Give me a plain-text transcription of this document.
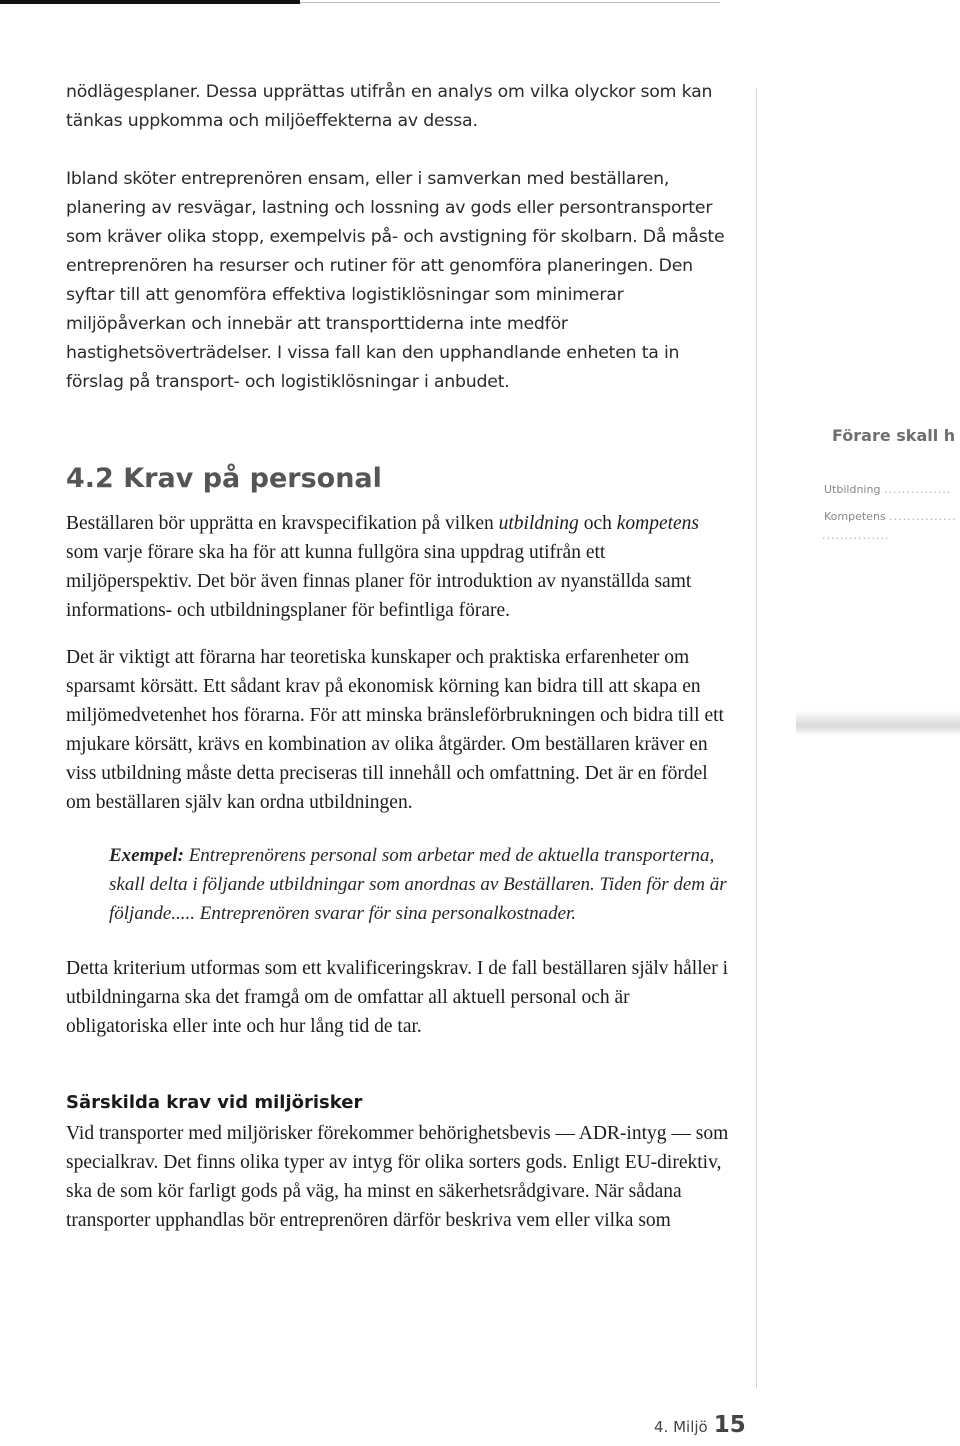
nödlägesplaner. Dessa upprättas utifrån en analys om vilka olyckor som kan tänkas uppkomma och miljöeffekterna av dessa.

Ibland sköter entreprenören ensam, eller i samverkan med beställaren, planering av resvägar, lastning och lossning av gods eller persontransporter som kräver olika stopp, exempelvis på- och avstigning för skolbarn. Då måste entreprenören ha resurser och rutiner för att genomföra planeringen. Den syftar till att genomföra effektiva logistiklösningar som minimerar miljöpåverkan och innebär att transporttiderna inte medför hastighetsöverträdelser. I vissa fall kan den upphandlande enheten ta in förslag på transport- och logistiklösningar i anbudet.

4.2 Krav på personal

Beställaren bör upprätta en kravspecifikation på vilken utbildning och kompetens som varje förare ska ha för att kunna fullgöra sina uppdrag utifrån ett miljöperspektiv. Det bör även finnas planer för introduktion av nyanställda samt informations- och utbildningsplaner för befintliga förare.

Det är viktigt att förarna har teoretiska kunskaper och praktiska erfarenheter om sparsamt körsätt. Ett sådant krav på ekonomisk körning kan bidra till att skapa en miljömedvetenhet hos förarna. För att minska bränsleförbrukningen och bidra till ett mjukare körsätt, krävs en kombination av olika åtgärder. Om beställaren kräver en viss utbildning måste detta preciseras till innehåll och omfattning. Det är en fördel om beställaren själv kan ordna utbildningen.

Exempel: Entreprenörens personal som arbetar med de aktuella transporterna, skall delta i följande utbildningar som anordnas av Beställaren. Tiden för dem är följande..... Entreprenören svarar för sina personalkostnader.

Detta kriterium utformas som ett kvalificeringskrav. I de fall beställaren själv håller i utbildningarna ska det framgå om de omfattar all aktuell personal och är obligatoriska eller inte och hur lång tid de tar.

Särskilda krav vid miljörisker

Vid transporter med miljörisker förekommer behörighetsbevis — ADR-intyg — som specialkrav. Det finns olika typer av intyg för olika sorters gods. Enligt EU-direktiv, ska de som kör farligt gods på väg, ha minst en säkerhetsrådgivare. När sådana transporter upphandlas bör entreprenören därför beskriva vem eller vilka som

Förare skall h
Utbildning ...............
Kompetens ...............
...............
4. Miljö 15
